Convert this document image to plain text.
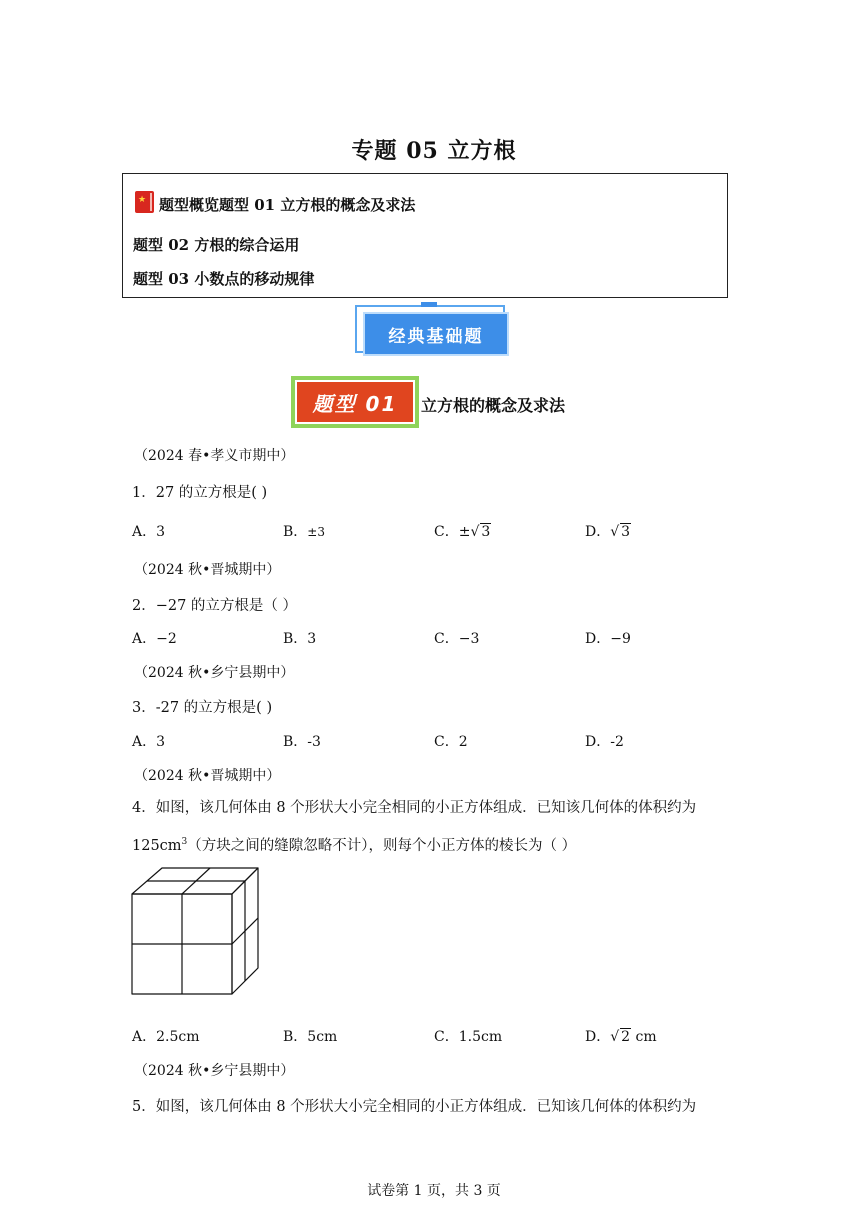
专题 05 立方根
★ 题型概览题型 01 立方根的概念及求法
题型 02 方根的综合运用
题型 03 小数点的移动规律
经典基础题
题型 01	立方根的概念及求法
（2024 春•孝义市期中）
1．27 的立方根是( )
A．3	B．±3	C．±√ 3	D．√ 3
（2024 秋•晋城期中）
2．−27 的立方根是（ ）
A．−2	B．3	C．−3	D．−9
（2024 秋•乡宁县期中）
3．-27 的立方根是( )
A．3	B．-3	C．2	D．-2
（2024 秋•晋城期中）
4．如图，该几何体由 8 个形状大小完全相同的小正方体组成．已知该几何体的体积约为
$125cm^3$（方块之间的缝隙忽略不计），则每个小正方体的棱长为（ ）
A．2.5cm	B．5cm	C．1.5cm	D．√ 2 cm
（2024 秋•乡宁县期中）
5．如图，该几何体由 8 个形状大小完全相同的小正方体组成．已知该几何体的体积约为
试卷第 1 页，共 3 页
